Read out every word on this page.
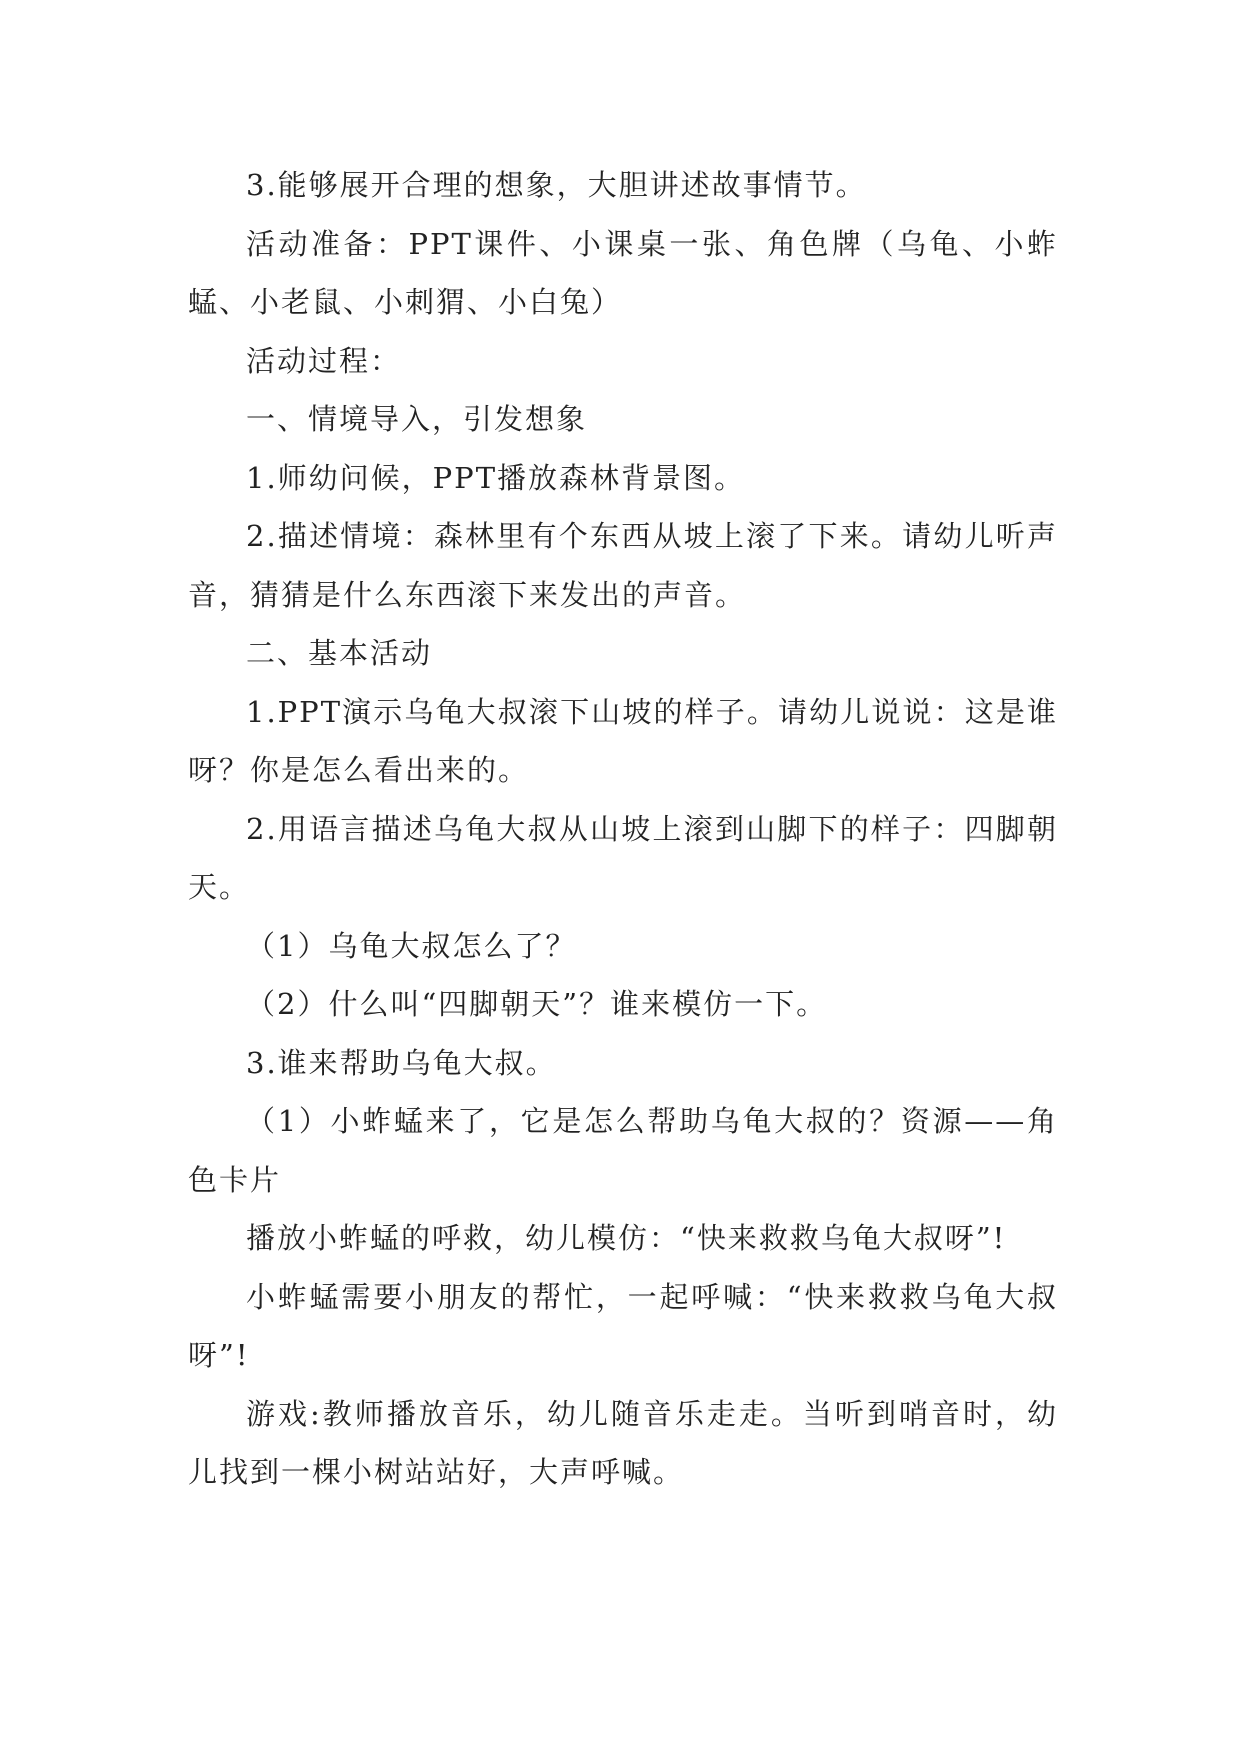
3.能够展开合理的想象，大胆讲述故事情节。

活动准备：PPT课件、小课桌一张、角色牌（乌龟、小蚱蜢、小老鼠、小刺猬、小白兔）

活动过程：

一、情境导入，引发想象

1.师幼问候，PPT播放森林背景图。

2.描述情境：森林里有个东西从坡上滚了下来。请幼儿听声音，猜猜是什么东西滚下来发出的声音。

二、基本活动

1.PPT演示乌龟大叔滚下山坡的样子。请幼儿说说：这是谁呀？你是怎么看出来的。

2.用语言描述乌龟大叔从山坡上滚到山脚下的样子：四脚朝天。

（1）乌龟大叔怎么了？

（2）什么叫“四脚朝天”？谁来模仿一下。

3.谁来帮助乌龟大叔。

（1）小蚱蜢来了，它是怎么帮助乌龟大叔的？资源——角色卡片

播放小蚱蜢的呼救，幼儿模仿：“快来救救乌龟大叔呀”!

小蚱蜢需要小朋友的帮忙，一起呼喊：“快来救救乌龟大叔呀”!

游戏:教师播放音乐，幼儿随音乐走走。当听到哨音时，幼儿找到一棵小树站站好，大声呼喊。
